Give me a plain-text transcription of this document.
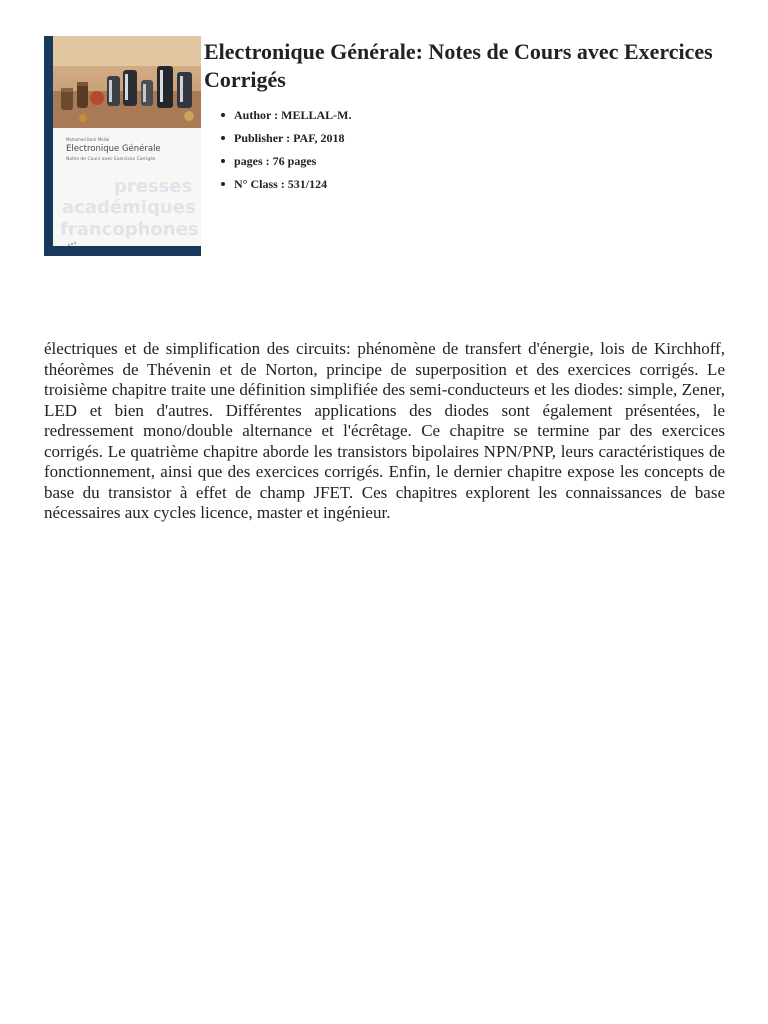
Mohamed Badr Mellal
Electronique Générale
Notes de Cours avec Exercices Corrigés
presses
académiques
francophones
Electronique Générale: Notes de Cours avec Exercices Corrigés
Author : MELLAL-M.
Publisher : PAF, 2018
pages : 76 pages
N° Class : 531/124

électriques et de simplification des circuits: phénomène de transfert d'énergie, lois de Kirchhoff, théorèmes de Thévenin et de Norton, principe de superposition et des exercices corrigés. Le troisième chapitre traite une définition simplifiée des semi-conducteurs et les diodes: simple, Zener, LED et bien d'autres. Différentes applications des diodes sont également présentées, le redressement mono/double alternance et l'écrêtage. Ce chapitre se termine par des exercices corrigés. Le quatrième chapitre aborde les transistors bipolaires NPN/PNP, leurs caractéristiques de fonctionnement, ainsi que des exercices corrigés. Enfin, le dernier chapitre expose les concepts de base du transistor à effet de champ JFET. Ces chapitres explorent les connaissances de base nécessaires aux cycles licence, master et ingénieur.
